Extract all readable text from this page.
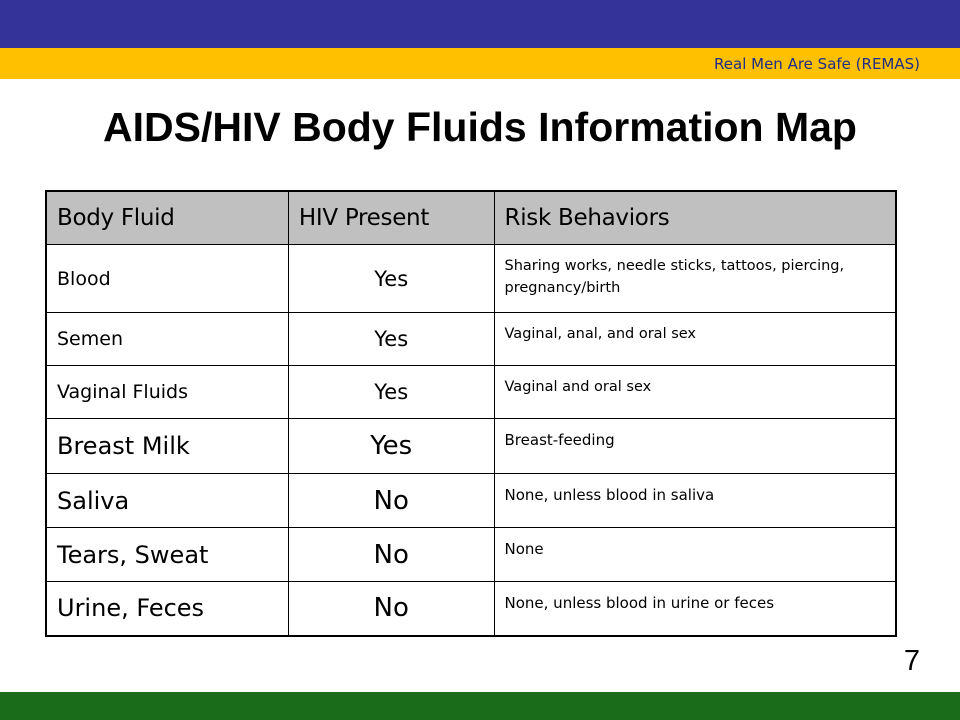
Real Men Are Safe (REMAS)
AIDS/HIV Body Fluids Information Map
Body Fluid	HIV Present	Risk Behaviors
Blood	Yes	Sharing works, needle sticks, tattoos, piercing, pregnancy/birth
Semen	Yes	Vaginal, anal, and oral sex
Vaginal Fluids	Yes	Vaginal and oral sex
Breast Milk	Yes	Breast-feeding
Saliva	No	None, unless blood in saliva
Tears, Sweat	No	None
Urine, Feces	No	None, unless blood in urine or feces
7
